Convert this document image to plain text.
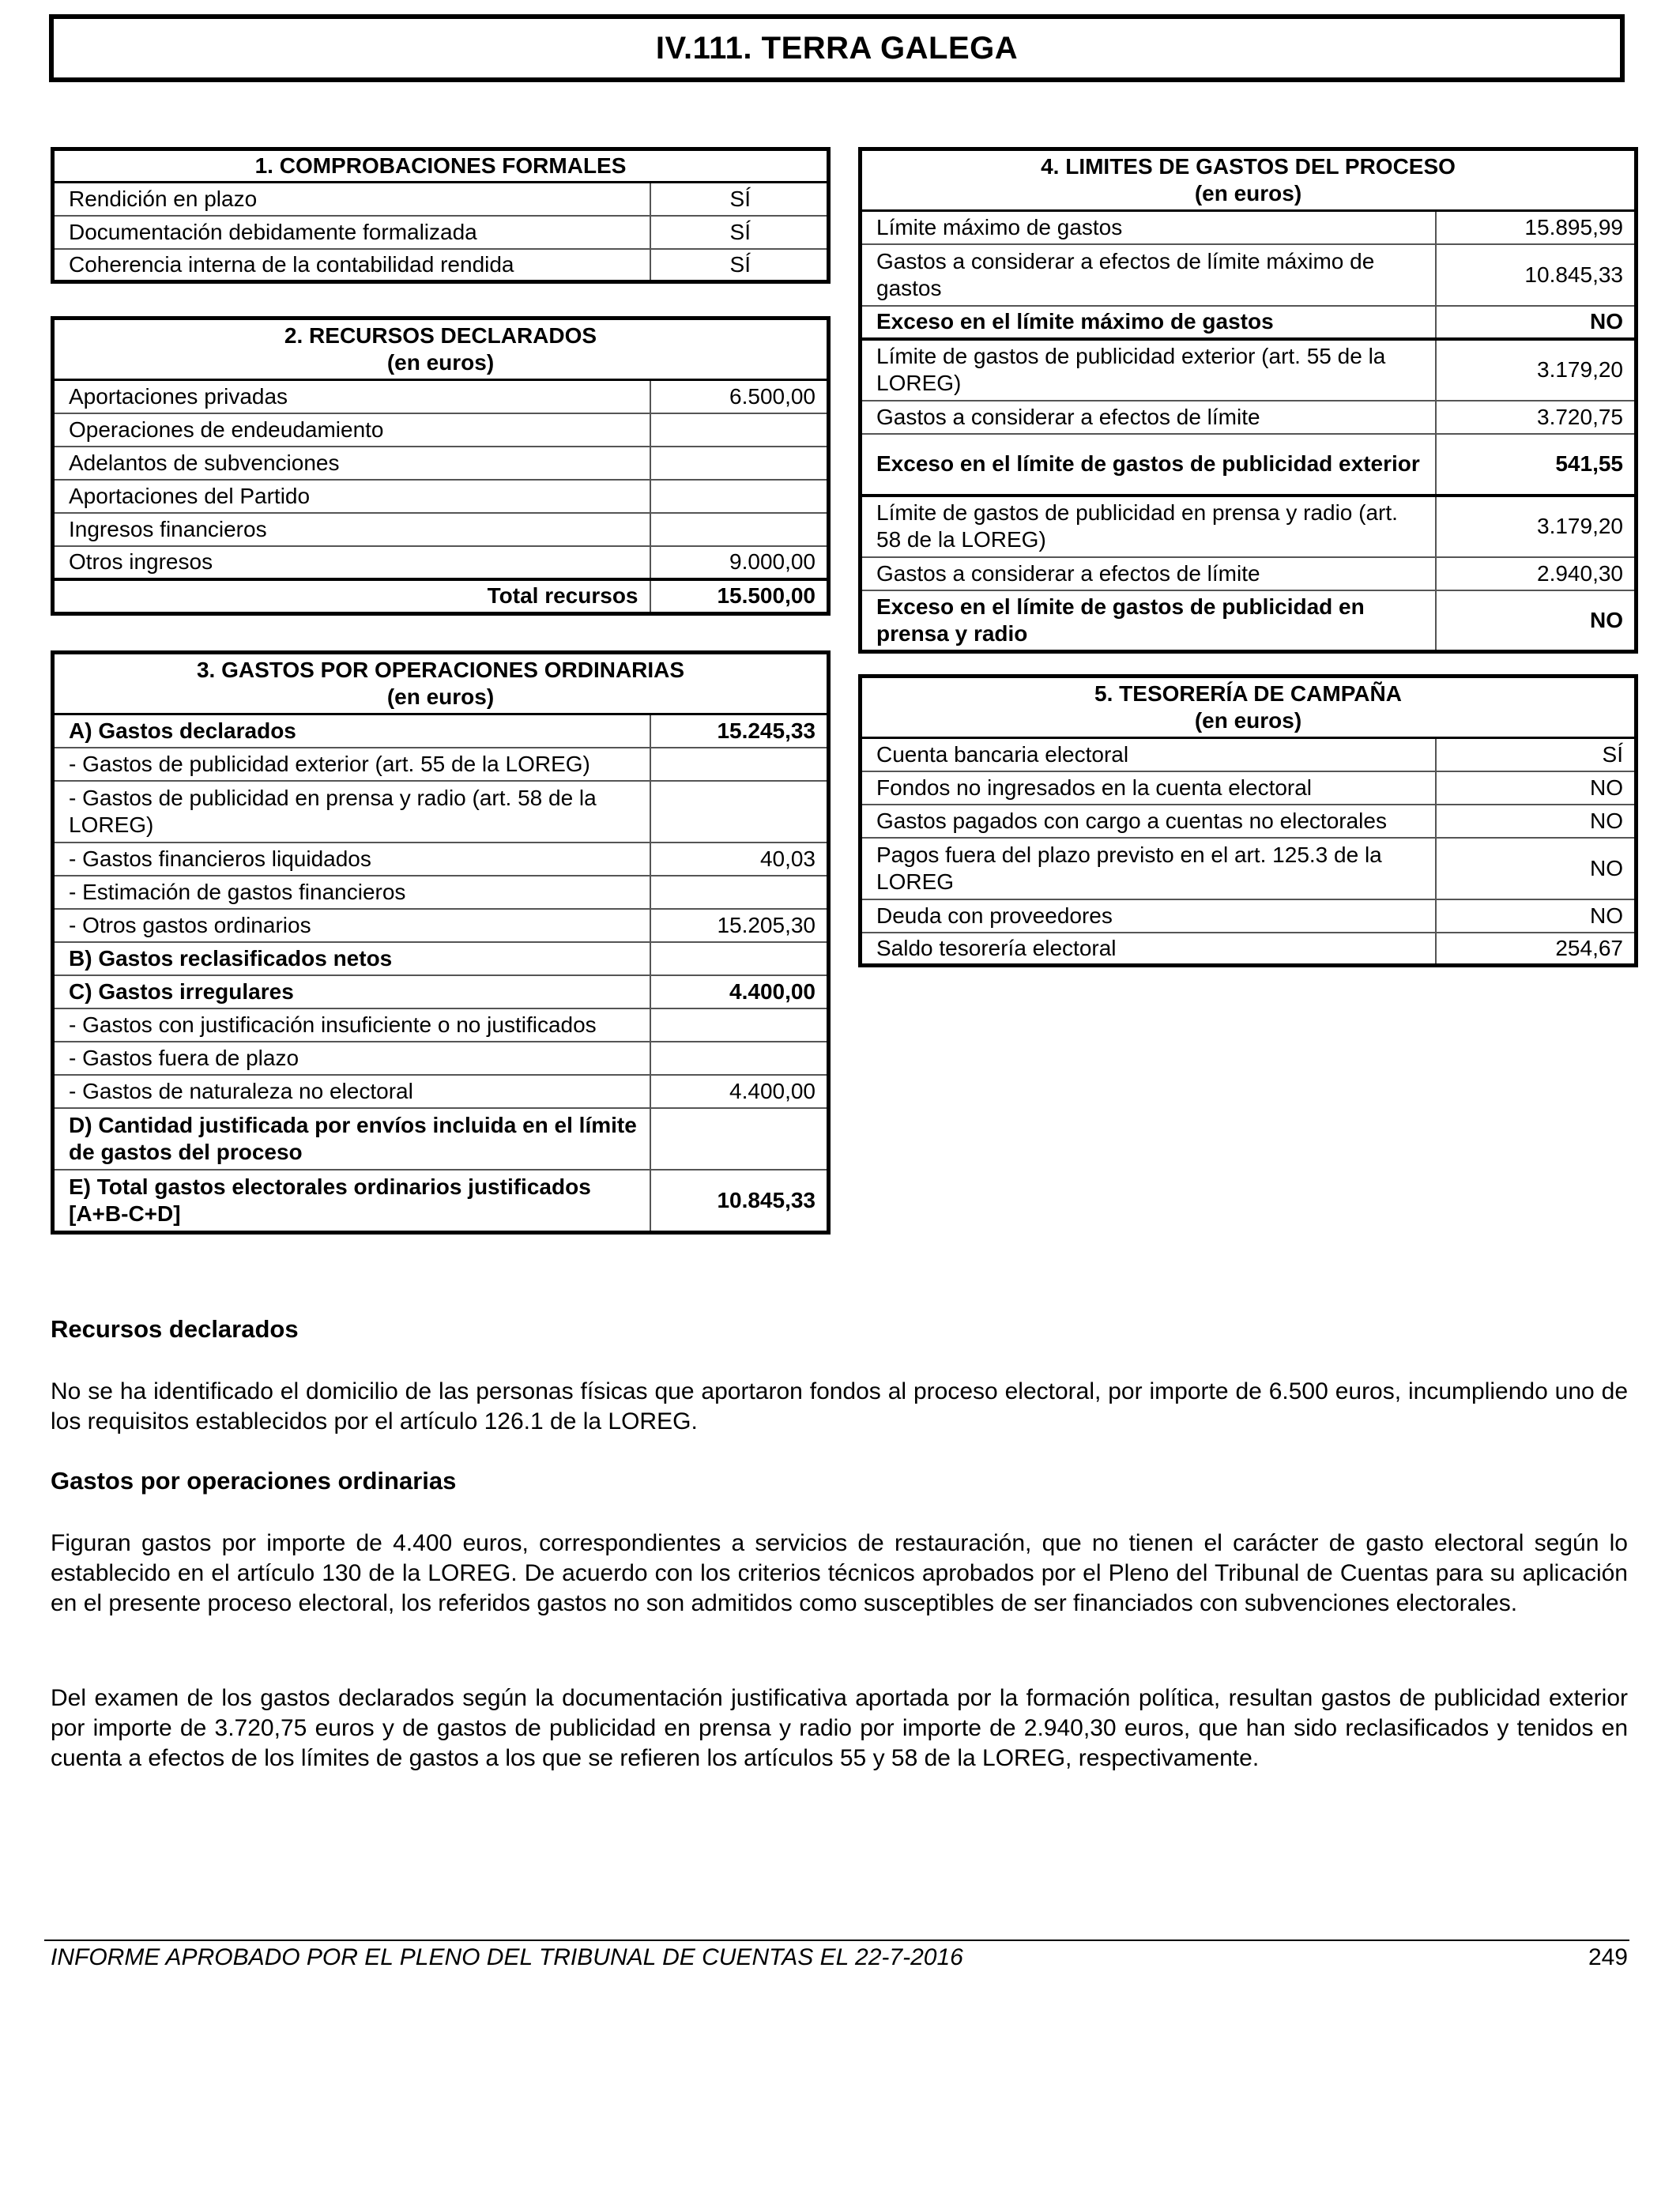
IV.111. TERRA GALEGA
1. COMPROBACIONES FORMALES	
Rendición en plazo	SÍ
Documentación debidamente formalizada	SÍ
Coherencia interna de la contabilidad rendida	SÍ
2. RECURSOS DECLARADOS
(en euros)	

Aportaciones privadas	6.500,00
Operaciones de endeudamiento	
Adelantos de subvenciones	
Aportaciones del Partido	
Ingresos financieros	
Otros ingresos	9.000,00
Total recursos	15.500,00
3. GASTOS POR OPERACIONES ORDINARIAS
(en euros)	

A) Gastos declarados	15.245,33
- Gastos de publicidad exterior (art. 55 de la LOREG)	
- Gastos de publicidad en prensa y radio (art. 58 de la LOREG)	
- Gastos financieros liquidados	40,03
- Estimación de gastos financieros	
- Otros gastos ordinarios	15.205,30
B) Gastos reclasificados netos	
C) Gastos irregulares	4.400,00
- Gastos con justificación insuficiente o no justificados	
- Gastos fuera de plazo	
- Gastos de naturaleza no electoral	4.400,00
D) Cantidad justificada por envíos incluida en el límite de gastos del proceso	
E) Total gastos electorales ordinarios justificados [A+B-C+D]	10.845,33
4. LIMITES DE GASTOS DEL PROCESO
(en euros)	

Límite máximo de gastos	15.895,99
Gastos a considerar a efectos de límite máximo de gastos	10.845,33
Exceso en el límite máximo de gastos	NO
Límite de gastos de publicidad exterior (art. 55 de la LOREG)	3.179,20
Gastos a considerar a efectos de límite	3.720,75
Exceso en el límite de gastos de publicidad exterior	541,55
Límite de gastos de publicidad en prensa y radio (art. 58 de la LOREG)	3.179,20
Gastos a considerar a efectos de límite	2.940,30
Exceso en el límite de gastos de publicidad en prensa y radio	NO
5. TESORERÍA DE CAMPAÑA
(en euros)	

Cuenta bancaria electoral	SÍ
Fondos no ingresados en la cuenta electoral	NO
Gastos pagados con cargo a cuentas no electorales	NO
Pagos fuera del plazo previsto en el art. 125.3 de la LOREG	NO
Deuda con proveedores	NO
Saldo tesorería electoral	254,67
Recursos declarados
No se ha identificado el domicilio de las personas físicas que aportaron fondos al proceso electoral, por importe de 6.500 euros, incumpliendo uno de los requisitos establecidos por el artículo 126.1 de la LOREG.
Gastos por operaciones ordinarias
Figuran gastos por importe de 4.400 euros, correspondientes a servicios de restauración, que no tienen el carácter de gasto electoral según lo establecido en el artículo 130 de la LOREG. De acuerdo con los criterios técnicos aprobados por el Pleno del Tribunal de Cuentas para su aplicación en el presente proceso electoral, los referidos gastos no son admitidos como susceptibles de ser financiados con subvenciones electorales.
Del examen de los gastos declarados según la documentación justificativa aportada por la formación política, resultan gastos de publicidad exterior por importe de 3.720,75 euros y de gastos de publicidad en prensa y radio por importe de 2.940,30 euros, que han sido reclasificados y tenidos en cuenta a efectos de los límites de gastos a los que se refieren los artículos 55 y 58 de la LOREG, respectivamente.
INFORME APROBADO POR EL PLENO DEL TRIBUNAL DE CUENTAS EL 22-7-2016	249
